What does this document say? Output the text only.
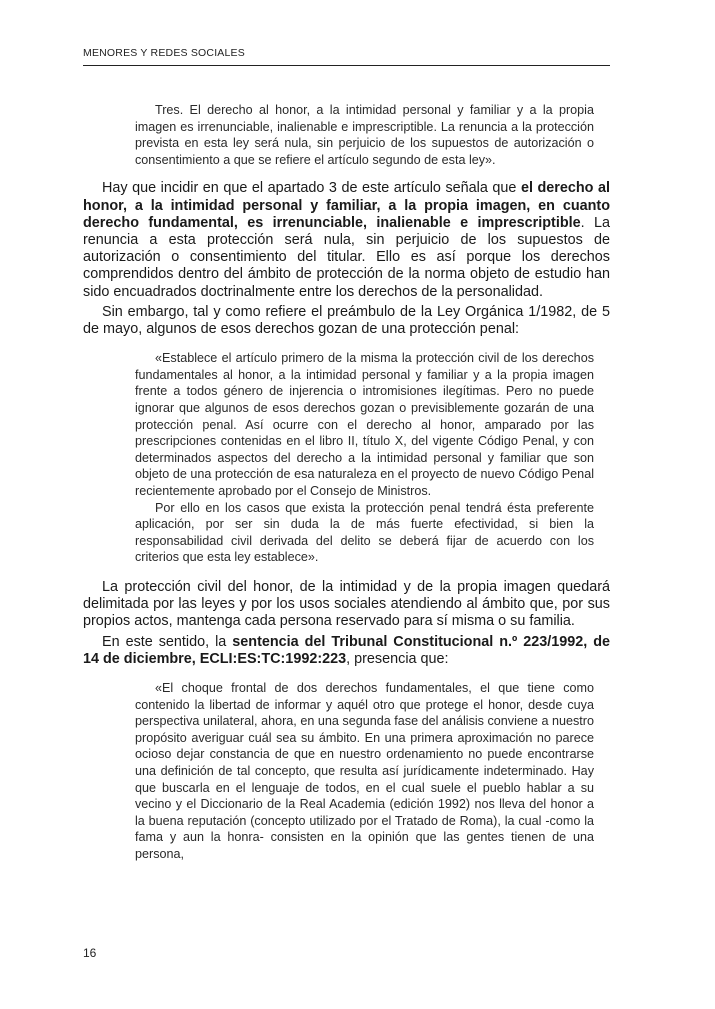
MENORES Y REDES SOCIALES

Tres. El derecho al honor, a la intimidad personal y familiar y a la propia imagen es irrenunciable, inalienable e imprescriptible. La renuncia a la protección prevista en esta ley será nula, sin perjuicio de los supuestos de autorización o consentimiento a que se refiere el artículo segundo de esta ley».

Hay que incidir en que el apartado 3 de este artículo señala que el derecho al honor, a la intimidad personal y familiar, a la propia imagen, en cuanto derecho fundamental, es irrenunciable, inalienable e imprescriptible. La renuncia a esta protección será nula, sin perjuicio de los supuestos de autorización o consentimiento del titular. Ello es así porque los derechos comprendidos dentro del ámbito de protección de la norma objeto de estudio han sido encuadrados doctrinalmente entre los derechos de la personalidad.

Sin embargo, tal y como refiere el preámbulo de la Ley Orgánica 1/1982, de 5 de mayo, algunos de esos derechos gozan de una protección penal:

«Establece el artículo primero de la misma la protección civil de los derechos fundamentales al honor, a la intimidad personal y familiar y a la propia imagen frente a todos género de injerencia o intromisiones ilegítimas. Pero no puede ignorar que algunos de esos derechos gozan o previsiblemente gozarán de una protección penal. Así ocurre con el derecho al honor, amparado por las prescripciones contenidas en el libro II, título X, del vigente Código Penal, y con determinados aspectos del derecho a la intimidad personal y familiar que son objeto de una protección de esa naturaleza en el proyecto de nuevo Código Penal recientemente aprobado por el Consejo de Ministros.

Por ello en los casos que exista la protección penal tendrá ésta preferente aplicación, por ser sin duda la de más fuerte efectividad, si bien la responsabilidad civil derivada del delito se deberá fijar de acuerdo con los criterios que esta ley establece».

La protección civil del honor, de la intimidad y de la propia imagen quedará delimitada por las leyes y por los usos sociales atendiendo al ámbito que, por sus propios actos, mantenga cada persona reservado para sí misma o su familia.

En este sentido, la sentencia del Tribunal Constitucional n.º 223/1992, de 14 de diciembre, ECLI:ES:TC:1992:223, presencia que:

«El choque frontal de dos derechos fundamentales, el que tiene como contenido la libertad de informar y aquél otro que protege el honor, desde cuya perspectiva unilateral, ahora, en una segunda fase del análisis conviene a nuestro propósito averiguar cuál sea su ámbito. En una primera aproximación no parece ocioso dejar constancia de que en nuestro ordenamiento no puede encontrarse una definición de tal concepto, que resulta así jurídicamente indeterminado. Hay que buscarla en el lenguaje de todos, en el cual suele el pueblo hablar a su vecino y el Diccionario de la Real Academia (edición 1992) nos lleva del honor a la buena reputación (concepto utilizado por el Tratado de Roma), la cual -como la fama y aun la honra- consisten en la opinión que las gentes tienen de una persona,

16
